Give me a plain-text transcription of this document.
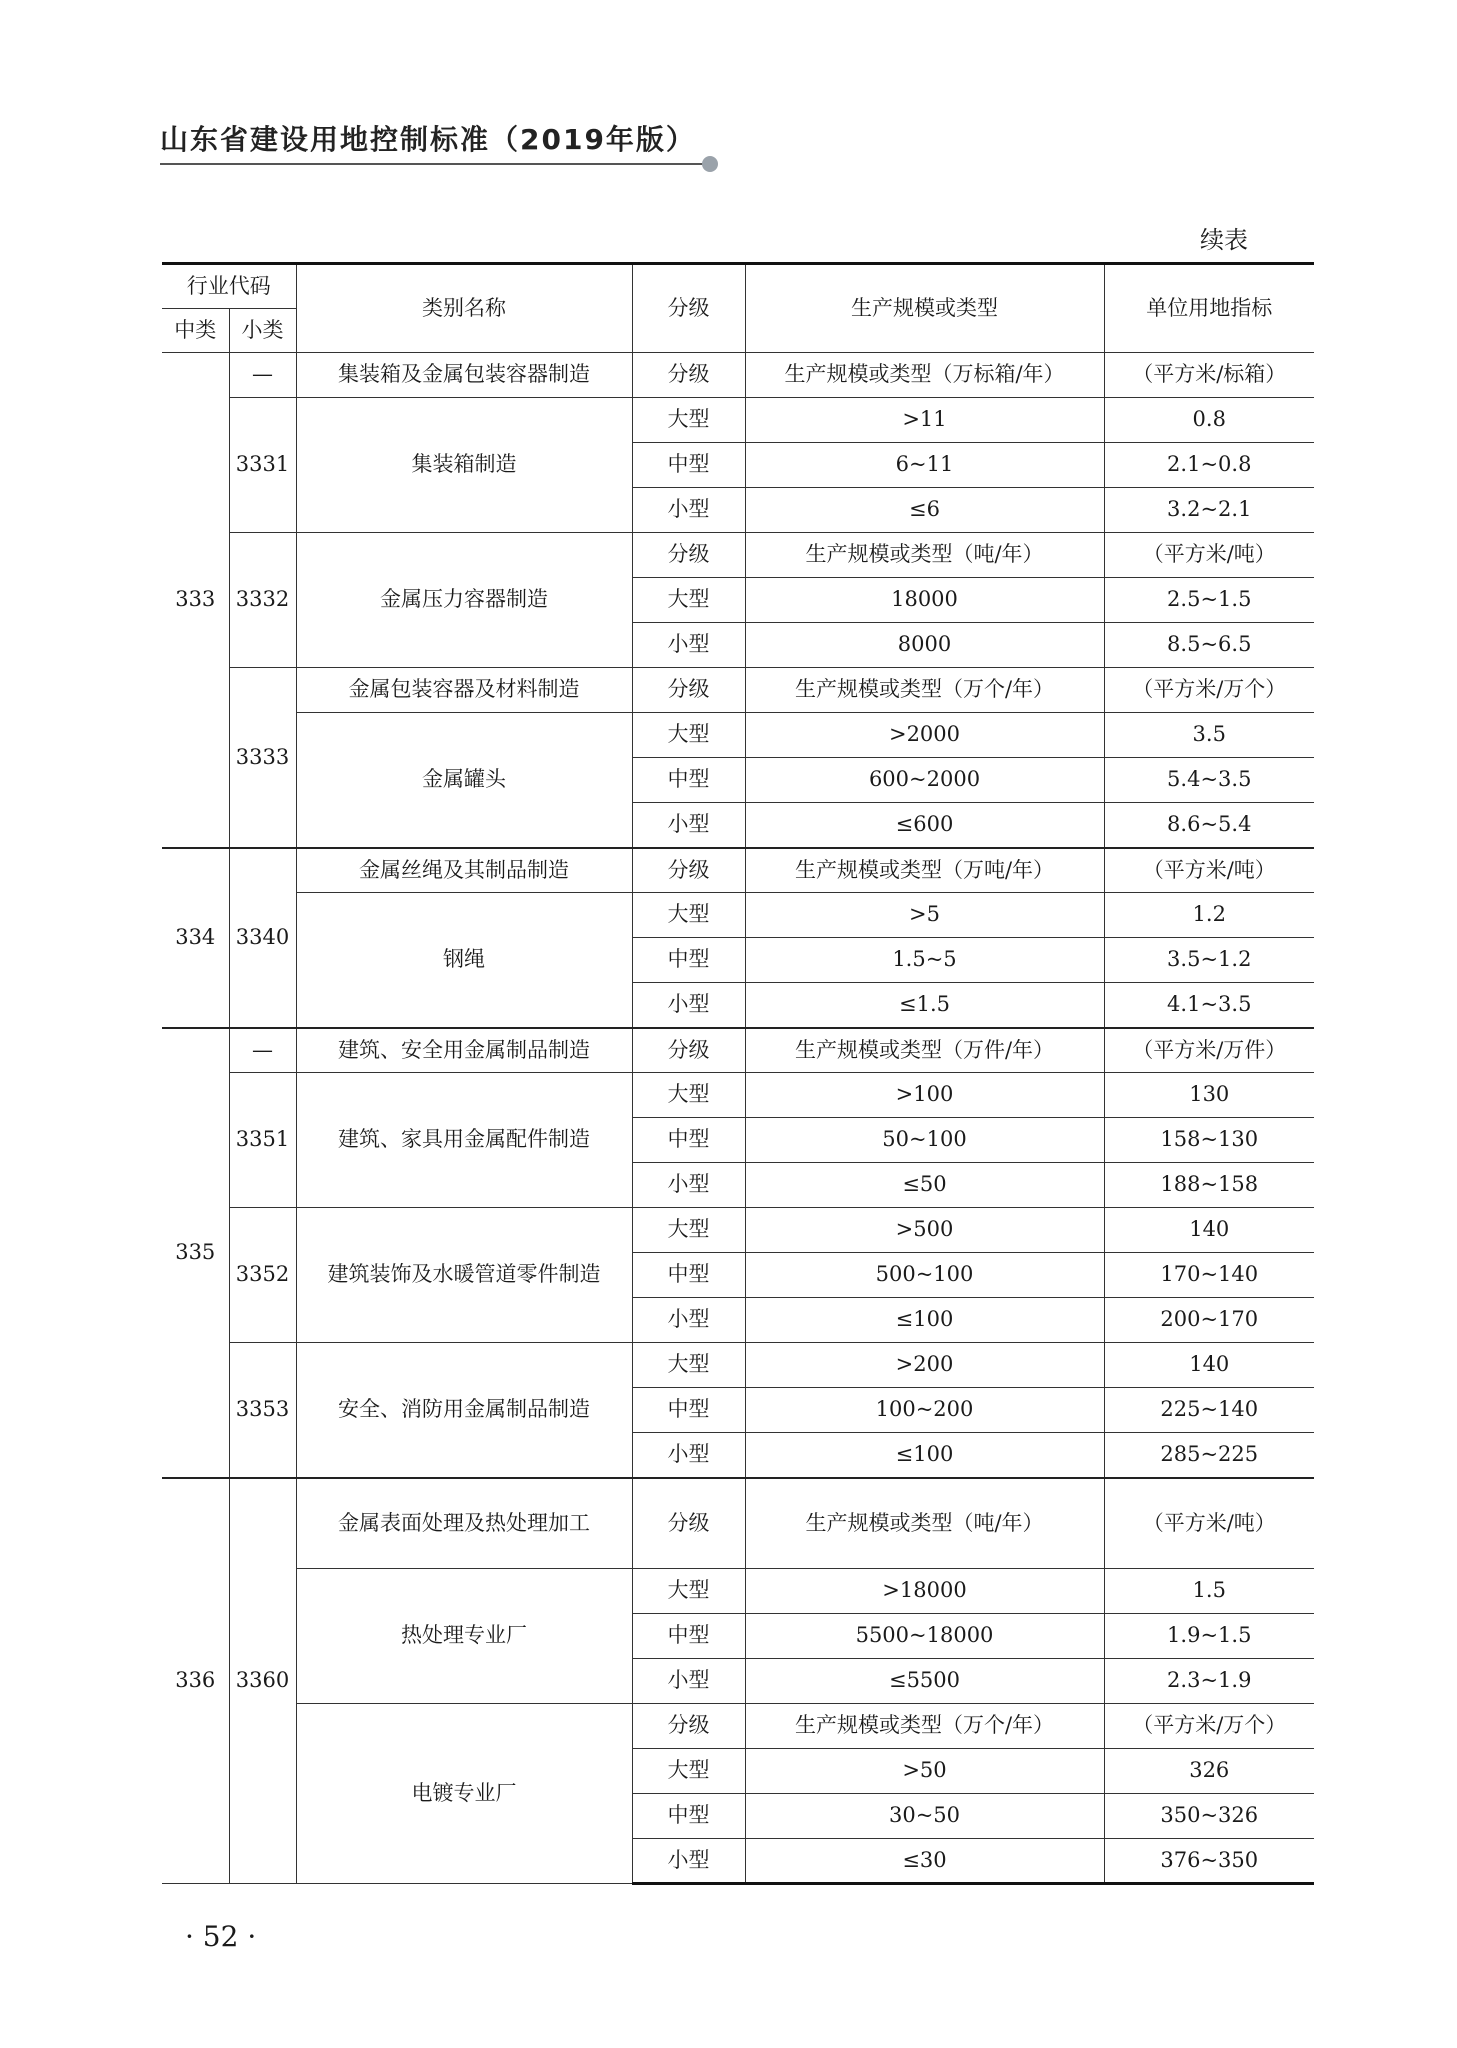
山东省建设用地控制标准（2019年版）
续表
行业代码		类别名称	分级	生产规模或类型	单位用地指标
中类	小类				
333	—	集装箱及金属包装容器制造	分级	生产规模或类型（万标箱/年）	（平方米/标箱）
	3331	集装箱制造	大型	>11	0.8
			中型	6~11	2.1~0.8
			小型	≤6	3.2~2.1
	3332	金属压力容器制造	分级	生产规模或类型（吨/年）	（平方米/吨）
			大型	18000	2.5~1.5
			小型	8000	8.5~6.5
	3333	金属包装容器及材料制造	分级	生产规模或类型（万个/年）	（平方米/万个）
		金属罐头	大型	>2000	3.5
			中型	600~2000	5.4~3.5
			小型	≤600	8.6~5.4
334	3340	金属丝绳及其制品制造	分级	生产规模或类型（万吨/年）	（平方米/吨）
		钢绳	大型	>5	1.2
			中型	1.5~5	3.5~1.2
			小型	≤1.5	4.1~3.5
335	—	建筑、安全用金属制品制造	分级	生产规模或类型（万件/年）	（平方米/万件）
	3351	建筑、家具用金属配件制造	大型	>100	130
			中型	50~100	158~130
			小型	≤50	188~158
	3352	建筑装饰及水暖管道零件制造	大型	>500	140
			中型	500~100	170~140
			小型	≤100	200~170
	3353	安全、消防用金属制品制造	大型	>200	140
			中型	100~200	225~140
			小型	≤100	285~225
336	3360	金属表面处理及热处理加工	分级	生产规模或类型（吨/年）	（平方米/吨）
		热处理专业厂	大型	>18000	1.5
			中型	5500~18000	1.9~1.5
			小型	≤5500	2.3~1.9
		电镀专业厂	分级	生产规模或类型（万个/年）	（平方米/万个）
			大型	>50	326
			中型	30~50	350~326
			小型	≤30	376~350
· 52 ·
